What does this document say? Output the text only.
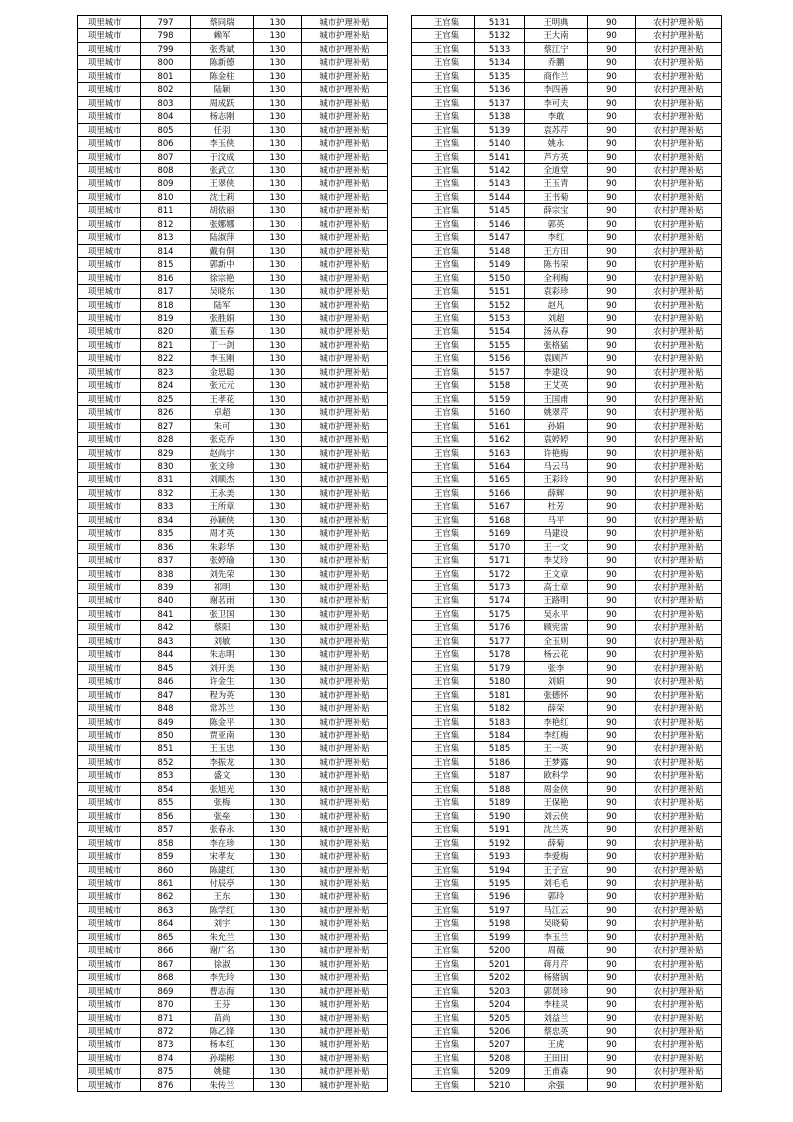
项里城市	797	蔡同瑞	130	城市护理补贴
项里城市	798	赖军	130	城市护理补贴
项里城市	799	张秀斌	130	城市护理补贴
项里城市	800	陈新德	130	城市护理补贴
项里城市	801	陈金柱	130	城市护理补贴
项里城市	802	陆颖	130	城市护理补贴
项里城市	803	周成跃	130	城市护理补贴
项里城市	804	杨志刚	130	城市护理补贴
项里城市	805	任羽	130	城市护理补贴
项里城市	806	李玉侠	130	城市护理补贴
项里城市	807	于汶成	130	城市护理补贴
项里城市	808	张武立	130	城市护理补贴
项里城市	809	王翠侠	130	城市护理补贴
项里城市	810	沈士莉	130	城市护理补贴
项里城市	811	胡依丽	130	城市护理补贴
项里城市	812	张娜娜	130	城市护理补贴
项里城市	813	陆淑萍	130	城市护理补贴
项里城市	814	戴有侗	130	城市护理补贴
项里城市	815	郭新中	130	城市护理补贴
项里城市	816	徐宗艳	130	城市护理补贴
项里城市	817	吴晓东	130	城市护理补贴
项里城市	818	陆军	130	城市护理补贴
项里城市	819	张胜娟	130	城市护理补贴
项里城市	820	董玉春	130	城市护理补贴
项里城市	821	丁一剑	130	城市护理补贴
项里城市	822	李玉刚	130	城市护理补贴
项里城市	823	金思聪	130	城市护理补贴
项里城市	824	张元元	130	城市护理补贴
项里城市	825	王孝花	130	城市护理补贴
项里城市	826	卓超	130	城市护理补贴
项里城市	827	朱可	130	城市护理补贴
项里城市	828	张克乔	130	城市护理补贴
项里城市	829	赵尚宇	130	城市护理补贴
项里城市	830	张文珍	130	城市护理补贴
项里城市	831	刘顺杰	130	城市护理补贴
项里城市	832	王永美	130	城市护理补贴
项里城市	833	王所章	130	城市护理补贴
项里城市	834	孙颖侠	130	城市护理补贴
项里城市	835	周才英	130	城市护理补贴
项里城市	836	朱彩华	130	城市护理补贴
项里城市	837	张婷瑜	130	城市护理补贴
项里城市	838	刘先荣	130	城市护理补贴
项里城市	839	祁明	130	城市护理补贴
项里城市	840	谢茗雨	130	城市护理补贴
项里城市	841	张卫国	130	城市护理补贴
项里城市	842	蔡阳	130	城市护理补贴
项里城市	843	刘敏	130	城市护理补贴
项里城市	844	朱志明	130	城市护理补贴
项里城市	845	刘开美	130	城市护理补贴
项里城市	846	许金生	130	城市护理补贴
项里城市	847	程为英	130	城市护理补贴
项里城市	848	常苏兰	130	城市护理补贴
项里城市	849	陈金平	130	城市护理补贴
项里城市	850	贾亚南	130	城市护理补贴
项里城市	851	王玉忠	130	城市护理补贴
项里城市	852	李振龙	130	城市护理补贴
项里城市	853	盛文	130	城市护理补贴
项里城市	854	张旭光	130	城市护理补贴
项里城市	855	张梅	130	城市护理补贴
项里城市	856	张垒	130	城市护理补贴
项里城市	857	张春永	130	城市护理补贴
项里城市	858	李在珍	130	城市护理补贴
项里城市	859	宋孝友	130	城市护理补贴
项里城市	860	陈建红	130	城市护理补贴
项里城市	861	付辰亭	130	城市护理补贴
项里城市	862	王东	130	城市护理补贴
项里城市	863	陈学红	130	城市护理补贴
项里城市	864	刘宇	130	城市护理补贴
项里城市	865	朱允兰	130	城市护理补贴
项里城市	866	谢广名	130	城市护理补贴
项里城市	867	徐淑	130	城市护理补贴
项里城市	868	李先玲	130	城市护理补贴
项里城市	869	曹志海	130	城市护理补贴
项里城市	870	王芬	130	城市护理补贴
项里城市	871	苗尚	130	城市护理补贴
项里城市	872	陈乙锋	130	城市护理补贴
项里城市	873	杨本红	130	城市护理补贴
项里城市	874	孙瑞彬	130	城市护理补贴
项里城市	875	姚健	130	城市护理补贴
项里城市	876	朱传兰	130	城市护理补贴
王官集	5131	王明典	90	农村护理补贴
王官集	5132	王大南	90	农村护理补贴
王官集	5133	蔡江宁	90	农村护理补贴
王官集	5134	乔鹏	90	农村护理补贴
王官集	5135	商作兰	90	农村护理补贴
王官集	5136	李四善	90	农村护理补贴
王官集	5137	李可夫	90	农村护理补贴
王官集	5138	李敢	90	农村护理补贴
王官集	5139	袁苏芹	90	农村护理补贴
王官集	5140	姚永	90	农村护理补贴
王官集	5141	芦方英	90	农村护理补贴
王官集	5142	全道堂	90	农村护理补贴
王官集	5143	王玉青	90	农村护理补贴
王官集	5144	王书菊	90	农村护理补贴
王官集	5145	薛宗宝	90	农村护理补贴
王官集	5146	郭英	90	农村护理补贴
王官集	5147	李红	90	农村护理补贴
王官集	5148	王方田	90	农村护理补贴
王官集	5149	陈书荣	90	农村护理补贴
王官集	5150	全利梅	90	农村护理补贴
王官集	5151	袁彩珍	90	农村护理补贴
王官集	5152	赵凡	90	农村护理补贴
王官集	5153	刘超	90	农村护理补贴
王官集	5154	汤从春	90	农村护理补贴
王官集	5155	张格猛	90	农村护理补贴
王官集	5156	袁顾芦	90	农村护理补贴
王官集	5157	李建设	90	农村护理补贴
王官集	5158	王艾英	90	农村护理补贴
王官集	5159	王国甫	90	农村护理补贴
王官集	5160	姚翠芹	90	农村护理补贴
王官集	5161	孙娟	90	农村护理补贴
王官集	5162	袁婷婷	90	农村护理补贴
王官集	5163	许艳梅	90	农村护理补贴
王官集	5164	马云马	90	农村护理补贴
王官集	5165	王彩玲	90	农村护理补贴
王官集	5166	薛辉	90	农村护理补贴
王官集	5167	杜芳	90	农村护理补贴
王官集	5168	马平	90	农村护理补贴
王官集	5169	马建设	90	农村护理补贴
王官集	5170	王一文	90	农村护理补贴
王官集	5171	李艾玲	90	农村护理补贴
王官集	5172	王文章	90	农村护理补贴
王官集	5173	高士章	90	农村护理补贴
王官集	5174	王路明	90	农村护理补贴
王官集	5175	吴永平	90	农村护理补贴
王官集	5176	顾宪雷	90	农村护理补贴
王官集	5177	全玉则	90	农村护理补贴
王官集	5178	杨云花	90	农村护理补贴
王官集	5179	张李	90	农村护理补贴
王官集	5180	刘娟	90	农村护理补贴
王官集	5181	张德怀	90	农村护理补贴
王官集	5182	薛荣	90	农村护理补贴
王官集	5183	李艳红	90	农村护理补贴
王官集	5184	李红梅	90	农村护理补贴
王官集	5185	王一英	90	农村护理补贴
王官集	5186	王梦露	90	农村护理补贴
王官集	5187	欧科学	90	农村护理补贴
王官集	5188	周金侠	90	农村护理补贴
王官集	5189	王保艳	90	农村护理补贴
王官集	5190	刘云侠	90	农村护理补贴
王官集	5191	沈兰英	90	农村护理补贴
王官集	5192	薛菊	90	农村护理补贴
王官集	5193	李爱梅	90	农村护理补贴
王官集	5194	王子宣	90	农村护理补贴
王官集	5195	刘毛毛	90	农村护理补贴
王官集	5196	郭玲	90	农村护理补贴
王官集	5197	马江云	90	农村护理补贴
王官集	5198	吴晓菊	90	农村护理补贴
王官集	5199	李玉兰	90	农村护理补贴
王官集	5200	周薇	90	农村护理补贴
王官集	5201	蒋月芹	90	农村护理补贴
王官集	5202	杨猪锅	90	农村护理补贴
王官集	5203	郭贤珍	90	农村护理补贴
王官集	5204	李桂灵	90	农村护理补贴
王官集	5205	刘益兰	90	农村护理补贴
王官集	5206	蔡忠英	90	农村护理补贴
王官集	5207	王虎	90	农村护理补贴
王官集	5208	王田田	90	农村护理补贴
王官集	5209	王甫森	90	农村护理补贴
王官集	5210	余强	90	农村护理补贴
